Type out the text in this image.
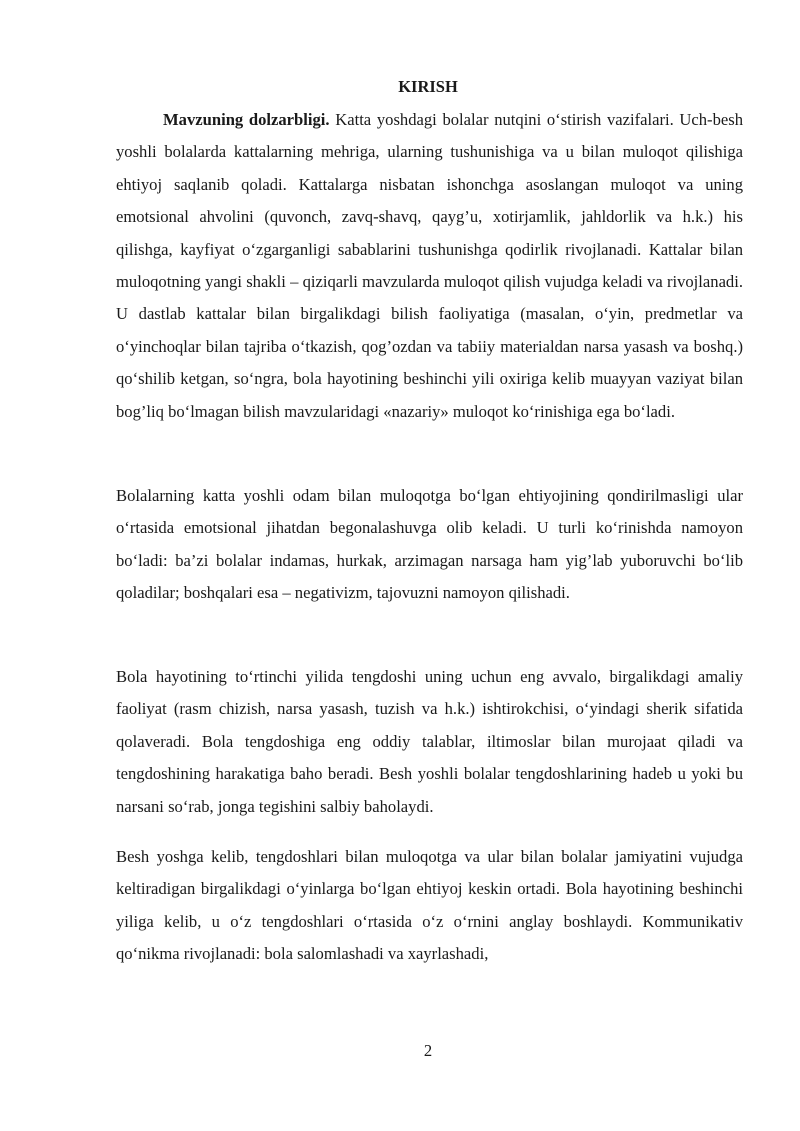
KIRISH

Mavzuning dolzarbligi. Katta yoshdagi bolalar nutqini o‘stirish vazifalari. Uch-besh yoshli bolalarda kattalarning mehriga, ularning tushunishiga va u bilan muloqot qilishiga ehtiyoj saqlanib qoladi. Kattalarga nisbatan ishonchga asoslangan muloqot va uning emotsional ahvolini (quvonch, zavq-shavq, qayg’u, xotirjamlik, jahldorlik va h.k.) his qilishga, kayfiyat o‘zgarganligi sabablarini tushunishga qodirlik rivojlanadi. Kattalar bilan muloqotning yangi shakli – qiziqarli mavzularda muloqot qilish vujudga keladi va rivojlanadi. U dastlab kattalar bilan birgalikdagi bilish faoliyatiga (masalan, o‘yin, predmetlar va o‘yinchoqlar bilan tajriba o‘tkazish, qog’ozdan va tabiiy materialdan narsa yasash va boshq.) qo‘shilib ketgan, so‘ngra, bola hayotining beshinchi yili oxiriga kelib muayyan vaziyat bilan bog’liq bo‘lmagan bilish mavzularidagi «nazariy» muloqot ko‘rinishiga ega bo‘ladi.

Bolalarning katta yoshli odam bilan muloqotga bo‘lgan ehtiyojining qondirilmasligi ular o‘rtasida emotsional jihatdan begonalashuvga olib keladi. U turli ko‘rinishda namoyon bo‘ladi: ba’zi bolalar indamas, hurkak, arzimagan narsaga ham yig’lab yuboruvchi bo‘lib qoladilar; boshqalari esa – negativizm, tajovuzni namoyon qilishadi.

Bola hayotining to‘rtinchi yilida tengdoshi uning uchun eng avvalo, birgalikdagi amaliy faoliyat (rasm chizish, narsa yasash, tuzish va h.k.) ishtirokchisi, o‘yindagi sherik sifatida qolaveradi. Bola tengdoshiga eng oddiy talablar, iltimoslar bilan murojaat qiladi va tengdoshining harakatiga baho beradi. Besh yoshli bolalar tengdoshlarining hadeb u yoki bu narsani so‘rab, jonga tegishini salbiy baholaydi.

Besh yoshga kelib, tengdoshlari bilan muloqotga va ular bilan bolalar jamiyatini vujudga keltiradigan birgalikdagi o‘yinlarga bo‘lgan ehtiyoj keskin ortadi. Bola hayotining beshinchi yiliga kelib, u o‘z tengdoshlari o‘rtasida o‘z o‘rnini anglay boshlaydi. Kommunikativ qo‘nikma rivojlanadi: bola salomlashadi va xayrlashadi,

2
